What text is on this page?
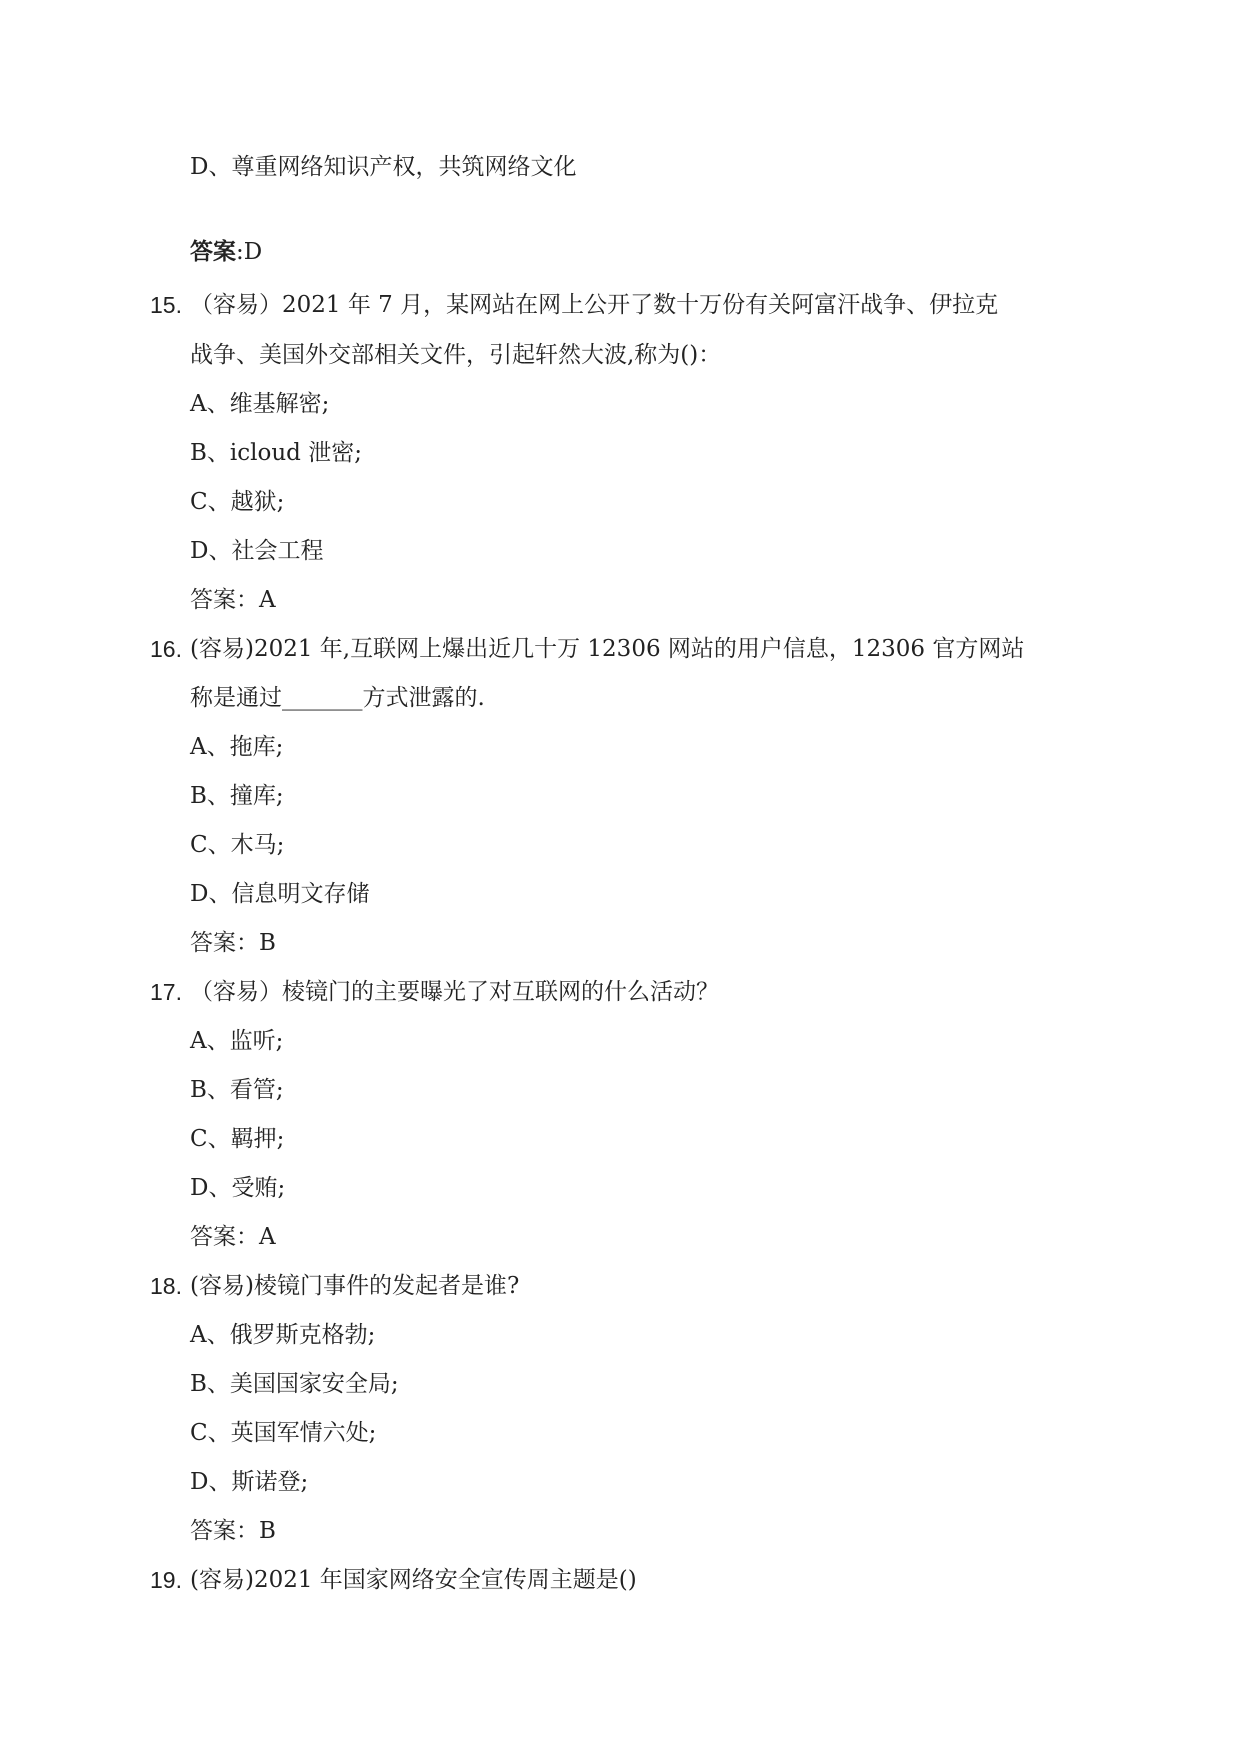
D、尊重网络知识产权，共筑网络文化
答案:D
15. （容易）2021 年 7 月，某网站在网上公开了数十万份有关阿富汗战争、伊拉克
战争、美国外交部相关文件，引起轩然大波,称为()：
A、维基解密;
B、icloud 泄密;
C、越狱;
D、社会工程
答案：A
16. (容易)2021 年,互联网上爆出近几十万 12306 网站的用户信息，12306 官方网站
称是通过_______方式泄露的.
A、拖库;
B、撞库;
C、木马;
D、信息明文存储
答案：B
17. （容易）棱镜门的主要曝光了对互联网的什么活动？
A、监听;
B、看管;
C、羁押;
D、受贿;
答案：A
18. (容易)棱镜门事件的发起者是谁?
A、俄罗斯克格勃;
B、美国国家安全局;
C、英国军情六处;
D、斯诺登;
答案：B
19. (容易)2021 年国家网络安全宣传周主题是()
